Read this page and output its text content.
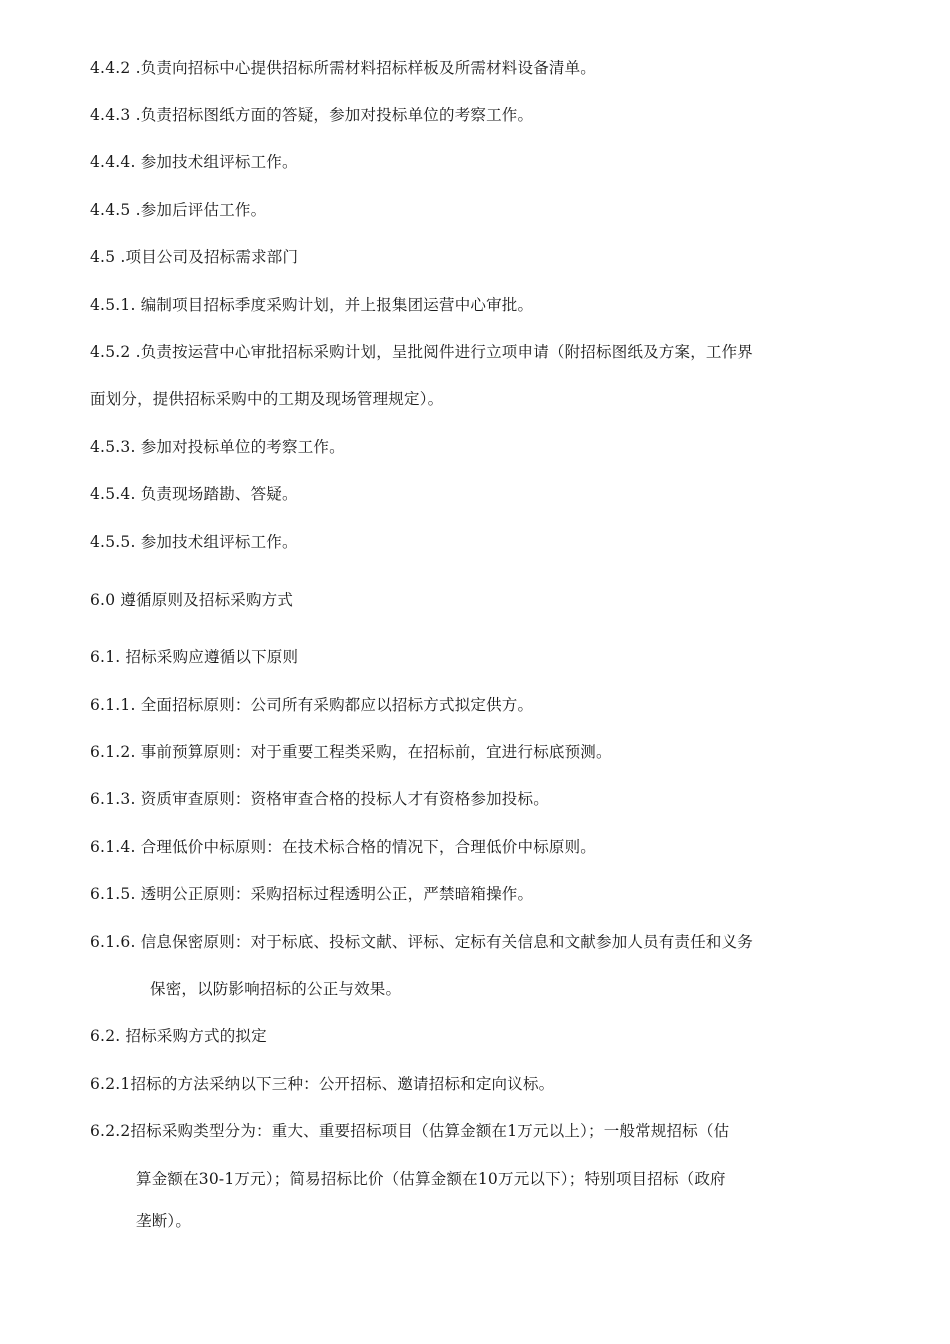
4.4.2 .负责向招标中心提供招标所需材料招标样板及所需材料设备清单。
4.4.3 .负责招标图纸方面的答疑，参加对投标单位的考察工作。
4.4.4. 参加技术组评标工作。
4.4.5 .参加后评估工作。
4.5 .项目公司及招标需求部门
4.5.1. 编制项目招标季度采购计划，并上报集团运营中心审批。
4.5.2 .负责按运营中心审批招标采购计划，呈批阅件进行立项申请（附招标图纸及方案，工作界
面划分，提供招标采购中的工期及现场管理规定）。
4.5.3. 参加对投标单位的考察工作。
4.5.4. 负责现场踏勘、答疑。
4.5.5. 参加技术组评标工作。
6.0 遵循原则及招标采购方式
6.1. 招标采购应遵循以下原则
6.1.1. 全面招标原则：公司所有采购都应以招标方式拟定供方。
6.1.2. 事前预算原则：对于重要工程类采购，在招标前，宜进行标底预测。
6.1.3. 资质审查原则：资格审查合格的投标人才有资格参加投标。
6.1.4. 合理低价中标原则：在技术标合格的情况下，合理低价中标原则。
6.1.5. 透明公正原则：采购招标过程透明公正，严禁暗箱操作。
6.1.6. 信息保密原则：对于标底、投标文献、评标、定标有关信息和文献参加人员有责任和义务
保密，以防影响招标的公正与效果。
6.2. 招标采购方式的拟定
6.2.1招标的方法采纳以下三种：公开招标、邀请招标和定向议标。
6.2.2招标采购类型分为：重大、重要招标项目（估算金额在1万元以上）；一般常规招标（估
算金额在30-1万元）；简易招标比价（估算金额在10万元以下）；特别项目招标（政府
垄断）。
